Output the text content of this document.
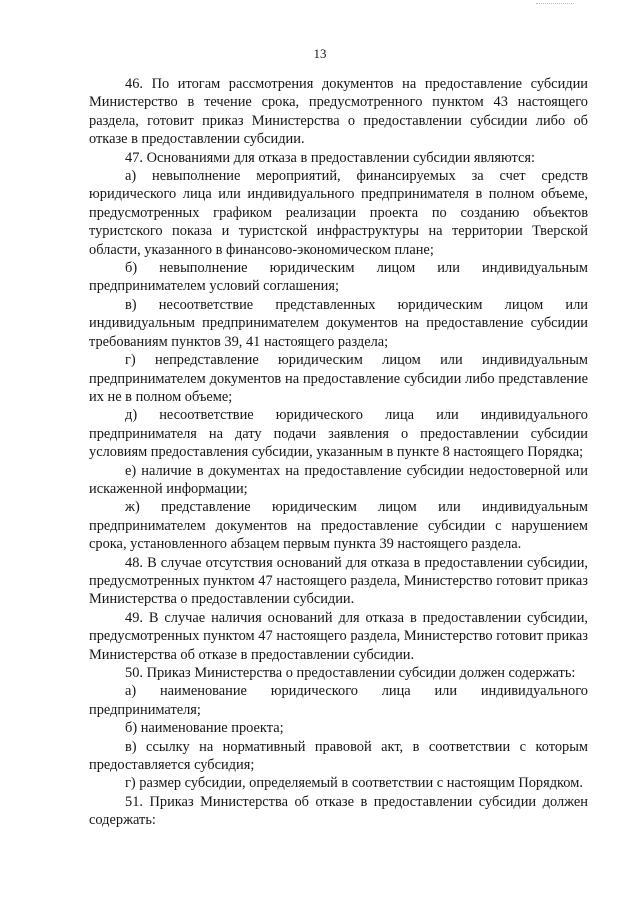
13

46. По итогам рассмотрения документов на предоставление субсидии Министерство в течение срока, предусмотренного пунктом 43 настоящего раздела, готовит приказ Министерства о предоставлении субсидии либо об отказе в предоставлении субсидии.

47. Основаниями для отказа в предоставлении субсидии являются:

а) невыполнение мероприятий, финансируемых за счет средств юридического лица или индивидуального предпринимателя в полном объеме, предусмотренных графиком реализации проекта по созданию объектов туристского показа и туристской инфраструктуры на территории Тверской области, указанного в финансово-экономическом плане;

б) невыполнение юридическим лицом или индивидуальным предпринимателем условий соглашения;

в) несоответствие представленных юридическим лицом или индивидуальным предпринимателем документов на предоставление субсидии требованиям пунктов 39, 41 настоящего раздела;

г) непредставление юридическим лицом или индивидуальным предпринимателем документов на предоставление субсидии либо представление их не в полном объеме;

д) несоответствие юридического лица или индивидуального предпринимателя на дату подачи заявления о предоставлении субсидии условиям предоставления субсидии, указанным в пункте 8 настоящего Порядка;

е) наличие в документах на предоставление субсидии недостоверной или искаженной информации;

ж) представление юридическим лицом или индивидуальным предпринимателем документов на предоставление субсидии с нарушением срока, установленного абзацем первым пункта 39 настоящего раздела.

48. В случае отсутствия оснований для отказа в предоставлении субсидии, предусмотренных пунктом 47 настоящего раздела, Министерство готовит приказ Министерства о предоставлении субсидии.

49. В случае наличия оснований для отказа в предоставлении субсидии, предусмотренных пунктом 47 настоящего раздела, Министерство готовит приказ Министерства об отказе в предоставлении субсидии.

50. Приказ Министерства о предоставлении субсидии должен содержать:

а) наименование юридического лица или индивидуального предпринимателя;

б) наименование проекта;

в) ссылку на нормативный правовой акт, в соответствии с которым предоставляется субсидия;

г) размер субсидии, определяемый в соответствии с настоящим Порядком.

51. Приказ Министерства об отказе в предоставлении субсидии должен содержать:
